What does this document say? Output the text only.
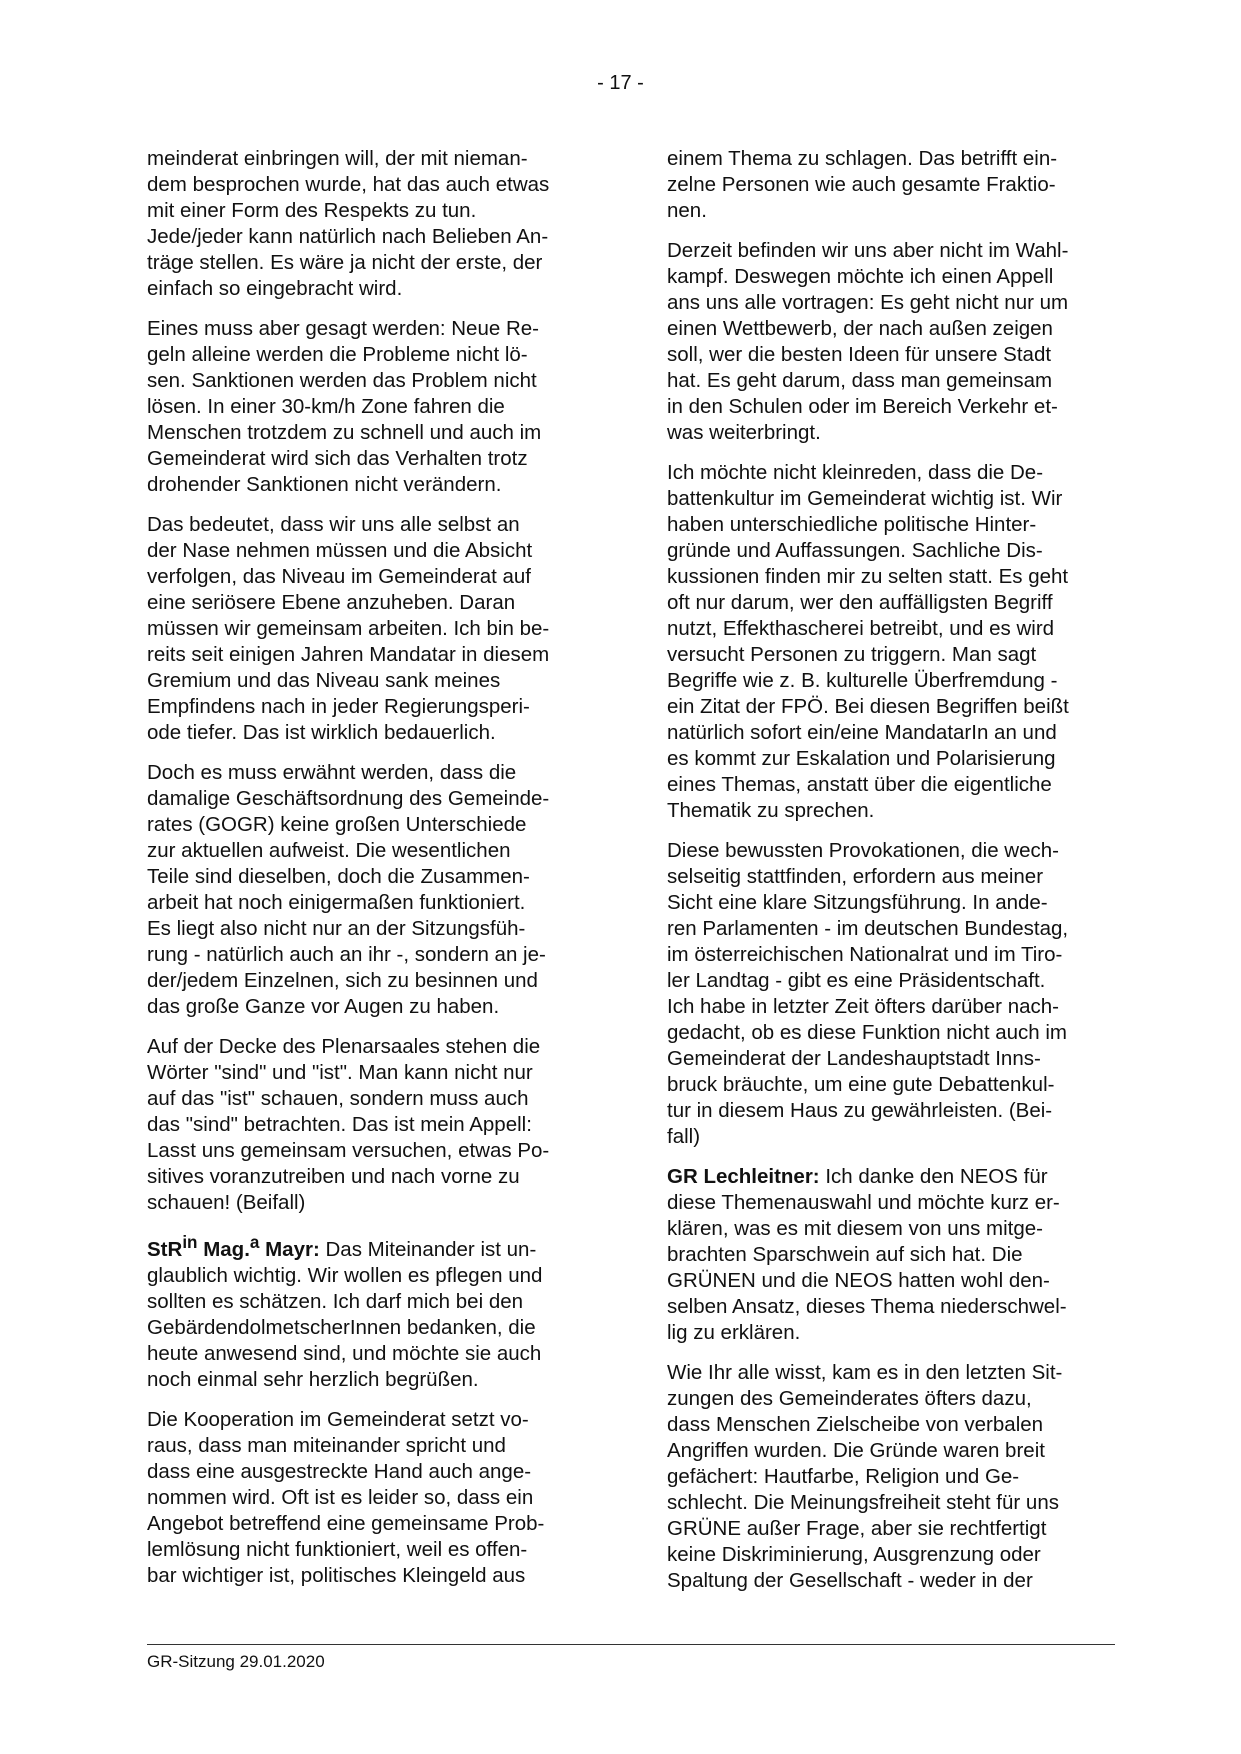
- 17 -

meinderat einbringen will, der mit nieman-
dem besprochen wurde, hat das auch etwas
mit einer Form des Respekts zu tun.
Jede/jeder kann natürlich nach Belieben An-
träge stellen. Es wäre ja nicht der erste, der
einfach so eingebracht wird.

Eines muss aber gesagt werden: Neue Re-
geln alleine werden die Probleme nicht lö-
sen. Sanktionen werden das Problem nicht
lösen. In einer 30-km/h Zone fahren die
Menschen trotzdem zu schnell und auch im
Gemeinderat wird sich das Verhalten trotz
drohender Sanktionen nicht verändern.

Das bedeutet, dass wir uns alle selbst an
der Nase nehmen müssen und die Absicht
verfolgen, das Niveau im Gemeinderat auf
eine seriösere Ebene anzuheben. Daran
müssen wir gemeinsam arbeiten. Ich bin be-
reits seit einigen Jahren Mandatar in diesem
Gremium und das Niveau sank meines
Empfindens nach in jeder Regierungsperi-
ode tiefer. Das ist wirklich bedauerlich.

Doch es muss erwähnt werden, dass die
damalige Geschäftsordnung des Gemeinde-
rates (GOGR) keine großen Unterschiede
zur aktuellen aufweist. Die wesentlichen
Teile sind dieselben, doch die Zusammen-
arbeit hat noch einigermaßen funktioniert.
Es liegt also nicht nur an der Sitzungsfüh-
rung - natürlich auch an ihr -, sondern an je-
der/jedem Einzelnen, sich zu besinnen und
das große Ganze vor Augen zu haben.

Auf der Decke des Plenarsaales stehen die
Wörter "sind" und "ist". Man kann nicht nur
auf das "ist" schauen, sondern muss auch
das "sind" betrachten. Das ist mein Appell:
Lasst uns gemeinsam versuchen, etwas Po-
sitives voranzutreiben und nach vorne zu
schauen! (Beifall)

StR$^{in}$ Mag.$^a$ Mayr: Das Miteinander ist un-
glaublich wichtig. Wir wollen es pflegen und
sollten es schätzen. Ich darf mich bei den
GebärdendolmetscherInnen bedanken, die
heute anwesend sind, und möchte sie auch
noch einmal sehr herzlich begrüßen.

Die Kooperation im Gemeinderat setzt vo-
raus, dass man miteinander spricht und
dass eine ausgestreckte Hand auch ange-
nommen wird. Oft ist es leider so, dass ein
Angebot betreffend eine gemeinsame Prob-
lemlösung nicht funktioniert, weil es offen-
bar wichtiger ist, politisches Kleingeld aus

einem Thema zu schlagen. Das betrifft ein-
zelne Personen wie auch gesamte Fraktio-
nen.

Derzeit befinden wir uns aber nicht im Wahl-
kampf. Deswegen möchte ich einen Appell
ans uns alle vortragen: Es geht nicht nur um
einen Wettbewerb, der nach außen zeigen
soll, wer die besten Ideen für unsere Stadt
hat. Es geht darum, dass man gemeinsam
in den Schulen oder im Bereich Verkehr et-
was weiterbringt.

Ich möchte nicht kleinreden, dass die De-
battenkultur im Gemeinderat wichtig ist. Wir
haben unterschiedliche politische Hinter-
gründe und Auffassungen. Sachliche Dis-
kussionen finden mir zu selten statt. Es geht
oft nur darum, wer den auffälligsten Begriff
nutzt, Effekthascherei betreibt, und es wird
versucht Personen zu triggern. Man sagt
Begriffe wie z. B. kulturelle Überfremdung -
ein Zitat der FPÖ. Bei diesen Begriffen beißt
natürlich sofort ein/eine MandatarIn an und
es kommt zur Eskalation und Polarisierung
eines Themas, anstatt über die eigentliche
Thematik zu sprechen.

Diese bewussten Provokationen, die wech-
selseitig stattfinden, erfordern aus meiner
Sicht eine klare Sitzungsführung. In ande-
ren Parlamenten - im deutschen Bundestag,
im österreichischen Nationalrat und im Tiro-
ler Landtag - gibt es eine Präsidentschaft.
Ich habe in letzter Zeit öfters darüber nach-
gedacht, ob es diese Funktion nicht auch im
Gemeinderat der Landeshauptstadt Inns-
bruck bräuchte, um eine gute Debattenkul-
tur in diesem Haus zu gewährleisten. (Bei-
fall)

GR Lechleitner: Ich danke den NEOS für
diese Themenauswahl und möchte kurz er-
klären, was es mit diesem von uns mitge-
brachten Sparschwein auf sich hat. Die
GRÜNEN und die NEOS hatten wohl den-
selben Ansatz, dieses Thema niederschwel-
lig zu erklären.

Wie Ihr alle wisst, kam es in den letzten Sit-
zungen des Gemeinderates öfters dazu,
dass Menschen Zielscheibe von verbalen
Angriffen wurden. Die Gründe waren breit
gefächert: Hautfarbe, Religion und Ge-
schlecht. Die Meinungsfreiheit steht für uns
GRÜNE außer Frage, aber sie rechtfertigt
keine Diskriminierung, Ausgrenzung oder
Spaltung der Gesellschaft - weder in der

GR-Sitzung 29.01.2020
